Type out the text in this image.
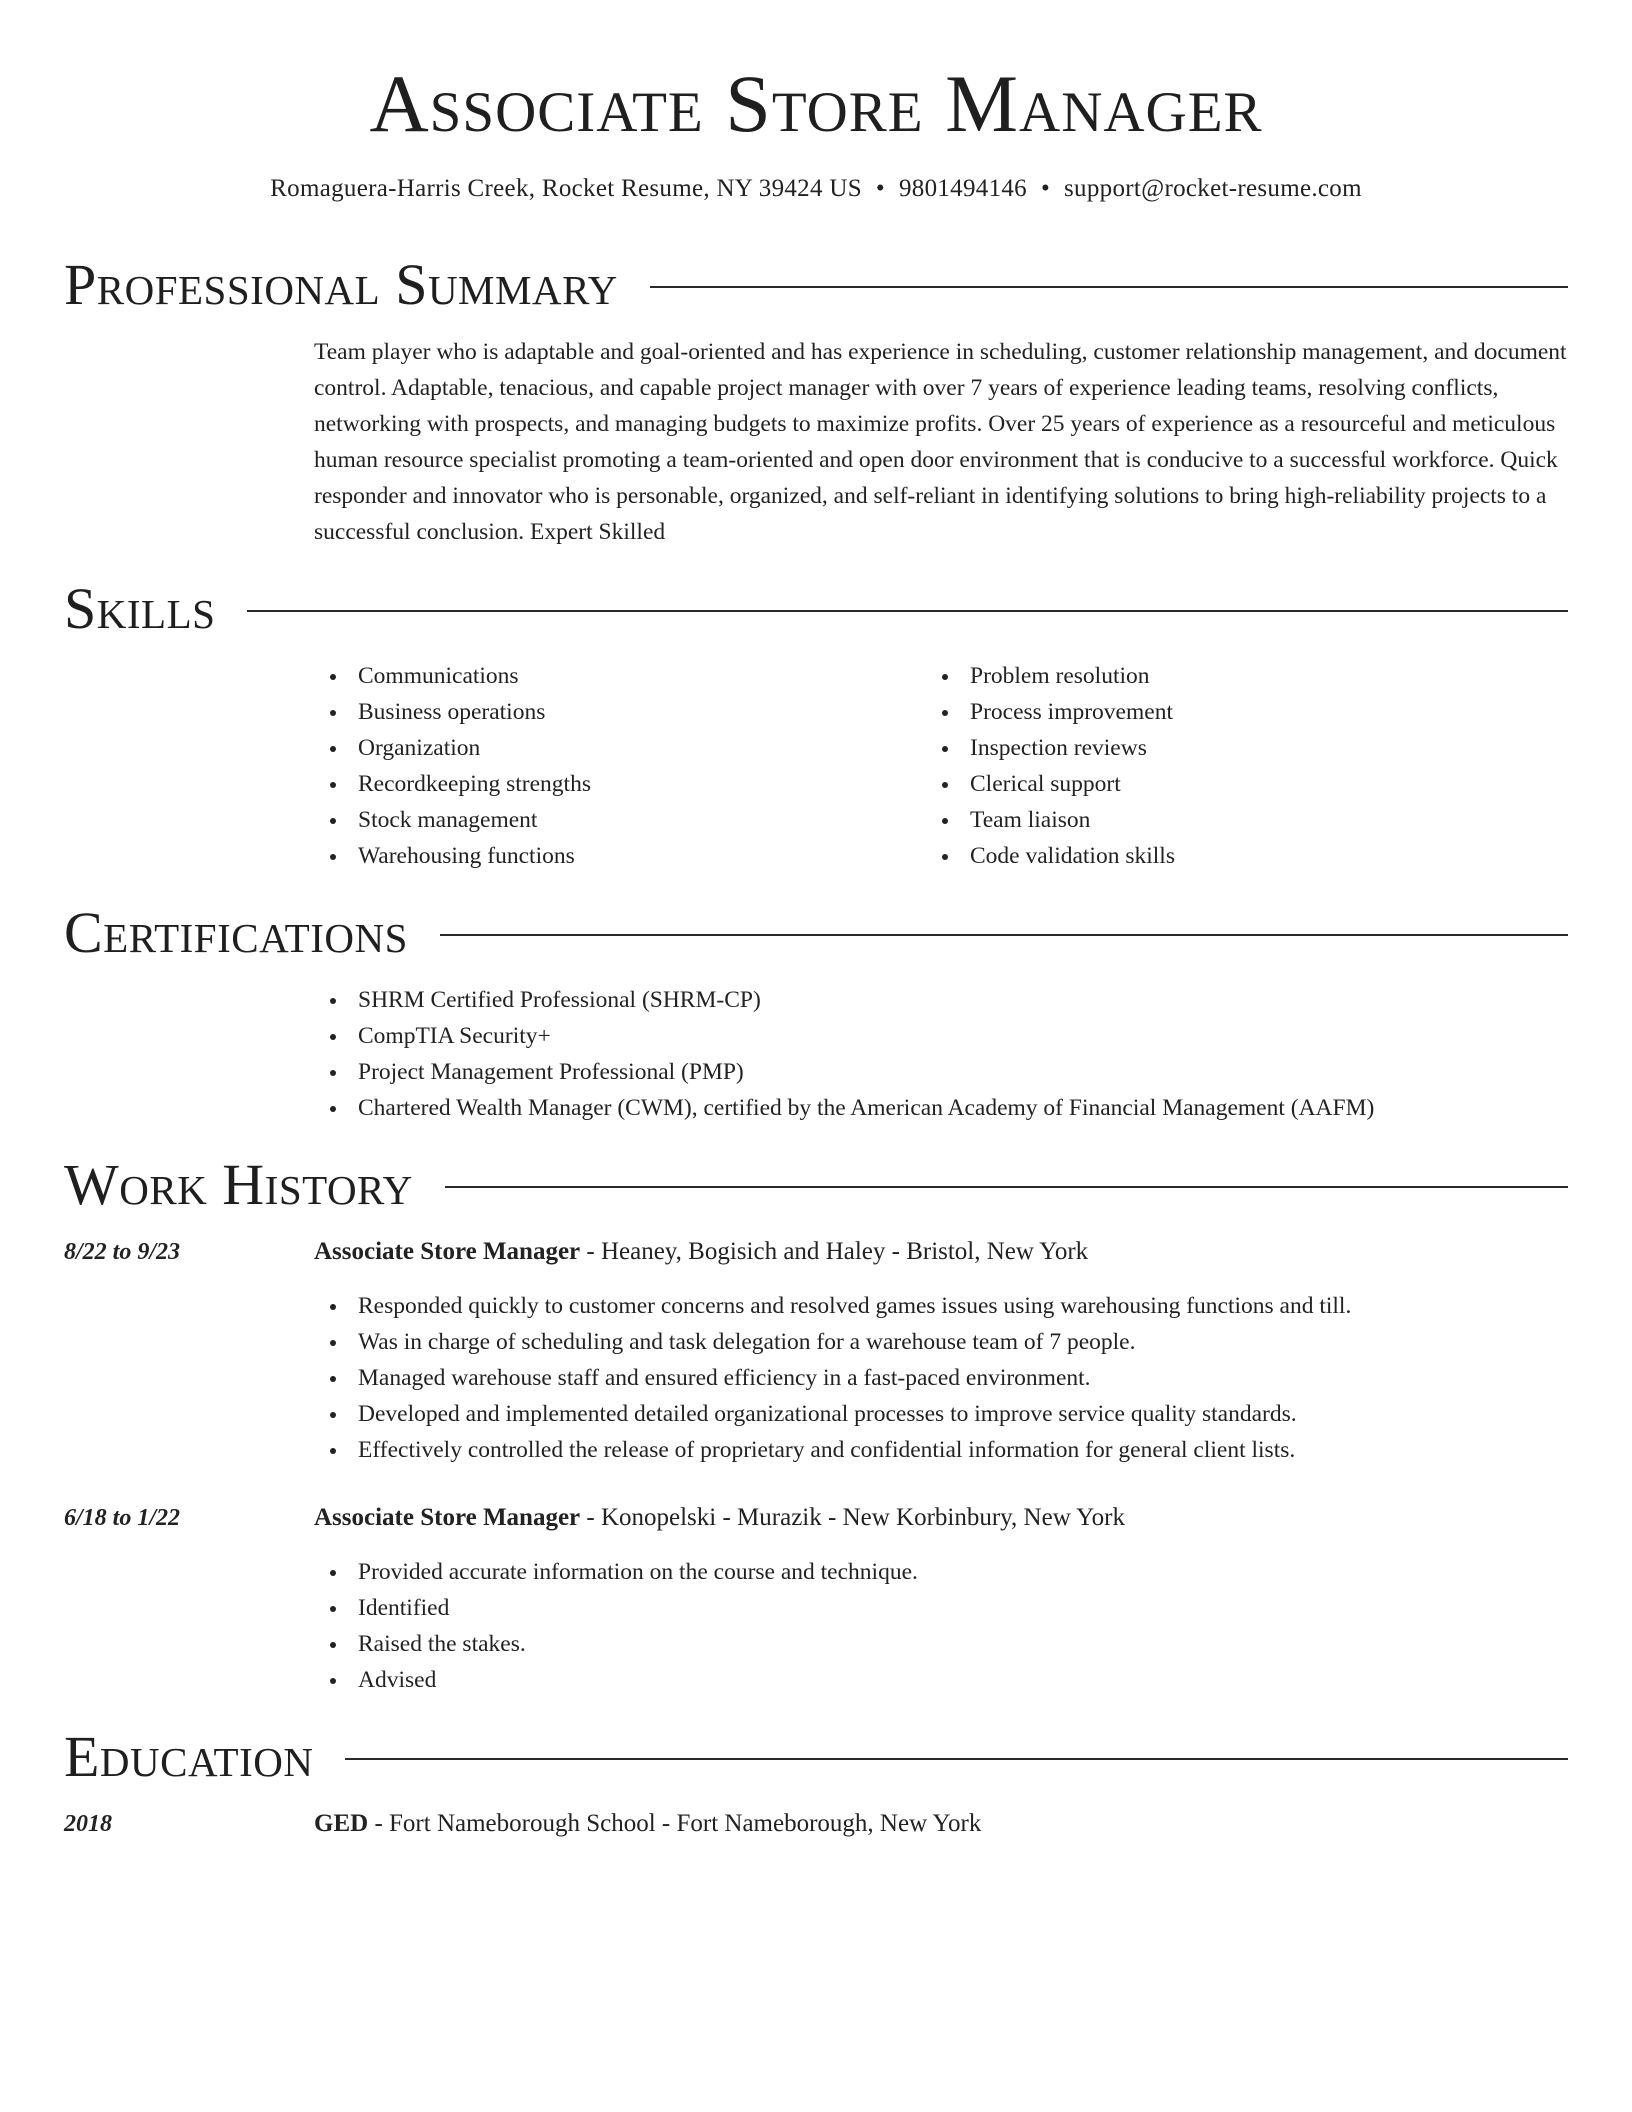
Associate Store Manager
Romaguera-Harris Creek, Rocket Resume, NY 39424 US • 9801494146 • support@rocket-resume.com
Professional Summary

Team player who is adaptable and goal-oriented and has experience in scheduling, customer relationship management, and document control. Adaptable, tenacious, and capable project manager with over 7 years of experience leading teams, resolving conflicts, networking with prospects, and managing budgets to maximize profits. Over 25 years of experience as a resourceful and meticulous human resource specialist promoting a team-oriented and open door environment that is conducive to a successful workforce. Quick responder and innovator who is personable, organized, and self-reliant in identifying solutions to bring high-reliability projects to a successful conclusion. Expert Skilled

Skills
Communications
Business operations
Organization
Recordkeeping strengths
Stock management
Warehousing functions
Problem resolution
Process improvement
Inspection reviews
Clerical support
Team liaison
Code validation skills
Certifications
SHRM Certified Professional (SHRM-CP)
CompTIA Security+
Project Management Professional (PMP)
Chartered Wealth Manager (CWM), certified by the American Academy of Financial Management (AAFM)
Work History
8/22 to 9/23	Associate Store Manager - Heaney, Bogisich and Haley - Bristol, New York
Responded quickly to customer concerns and resolved games issues using warehousing functions and till.
Was in charge of scheduling and task delegation for a warehouse team of 7 people.
Managed warehouse staff and ensured efficiency in a fast-paced environment.
Developed and implemented detailed organizational processes to improve service quality standards.
Effectively controlled the release of proprietary and confidential information for general client lists.
6/18 to 1/22	Associate Store Manager - Konopelski - Murazik - New Korbinbury, New York
Provided accurate information on the course and technique.
Identified
Raised the stakes.
Advised
Education
2018	GED - Fort Nameborough School - Fort Nameborough, New York
